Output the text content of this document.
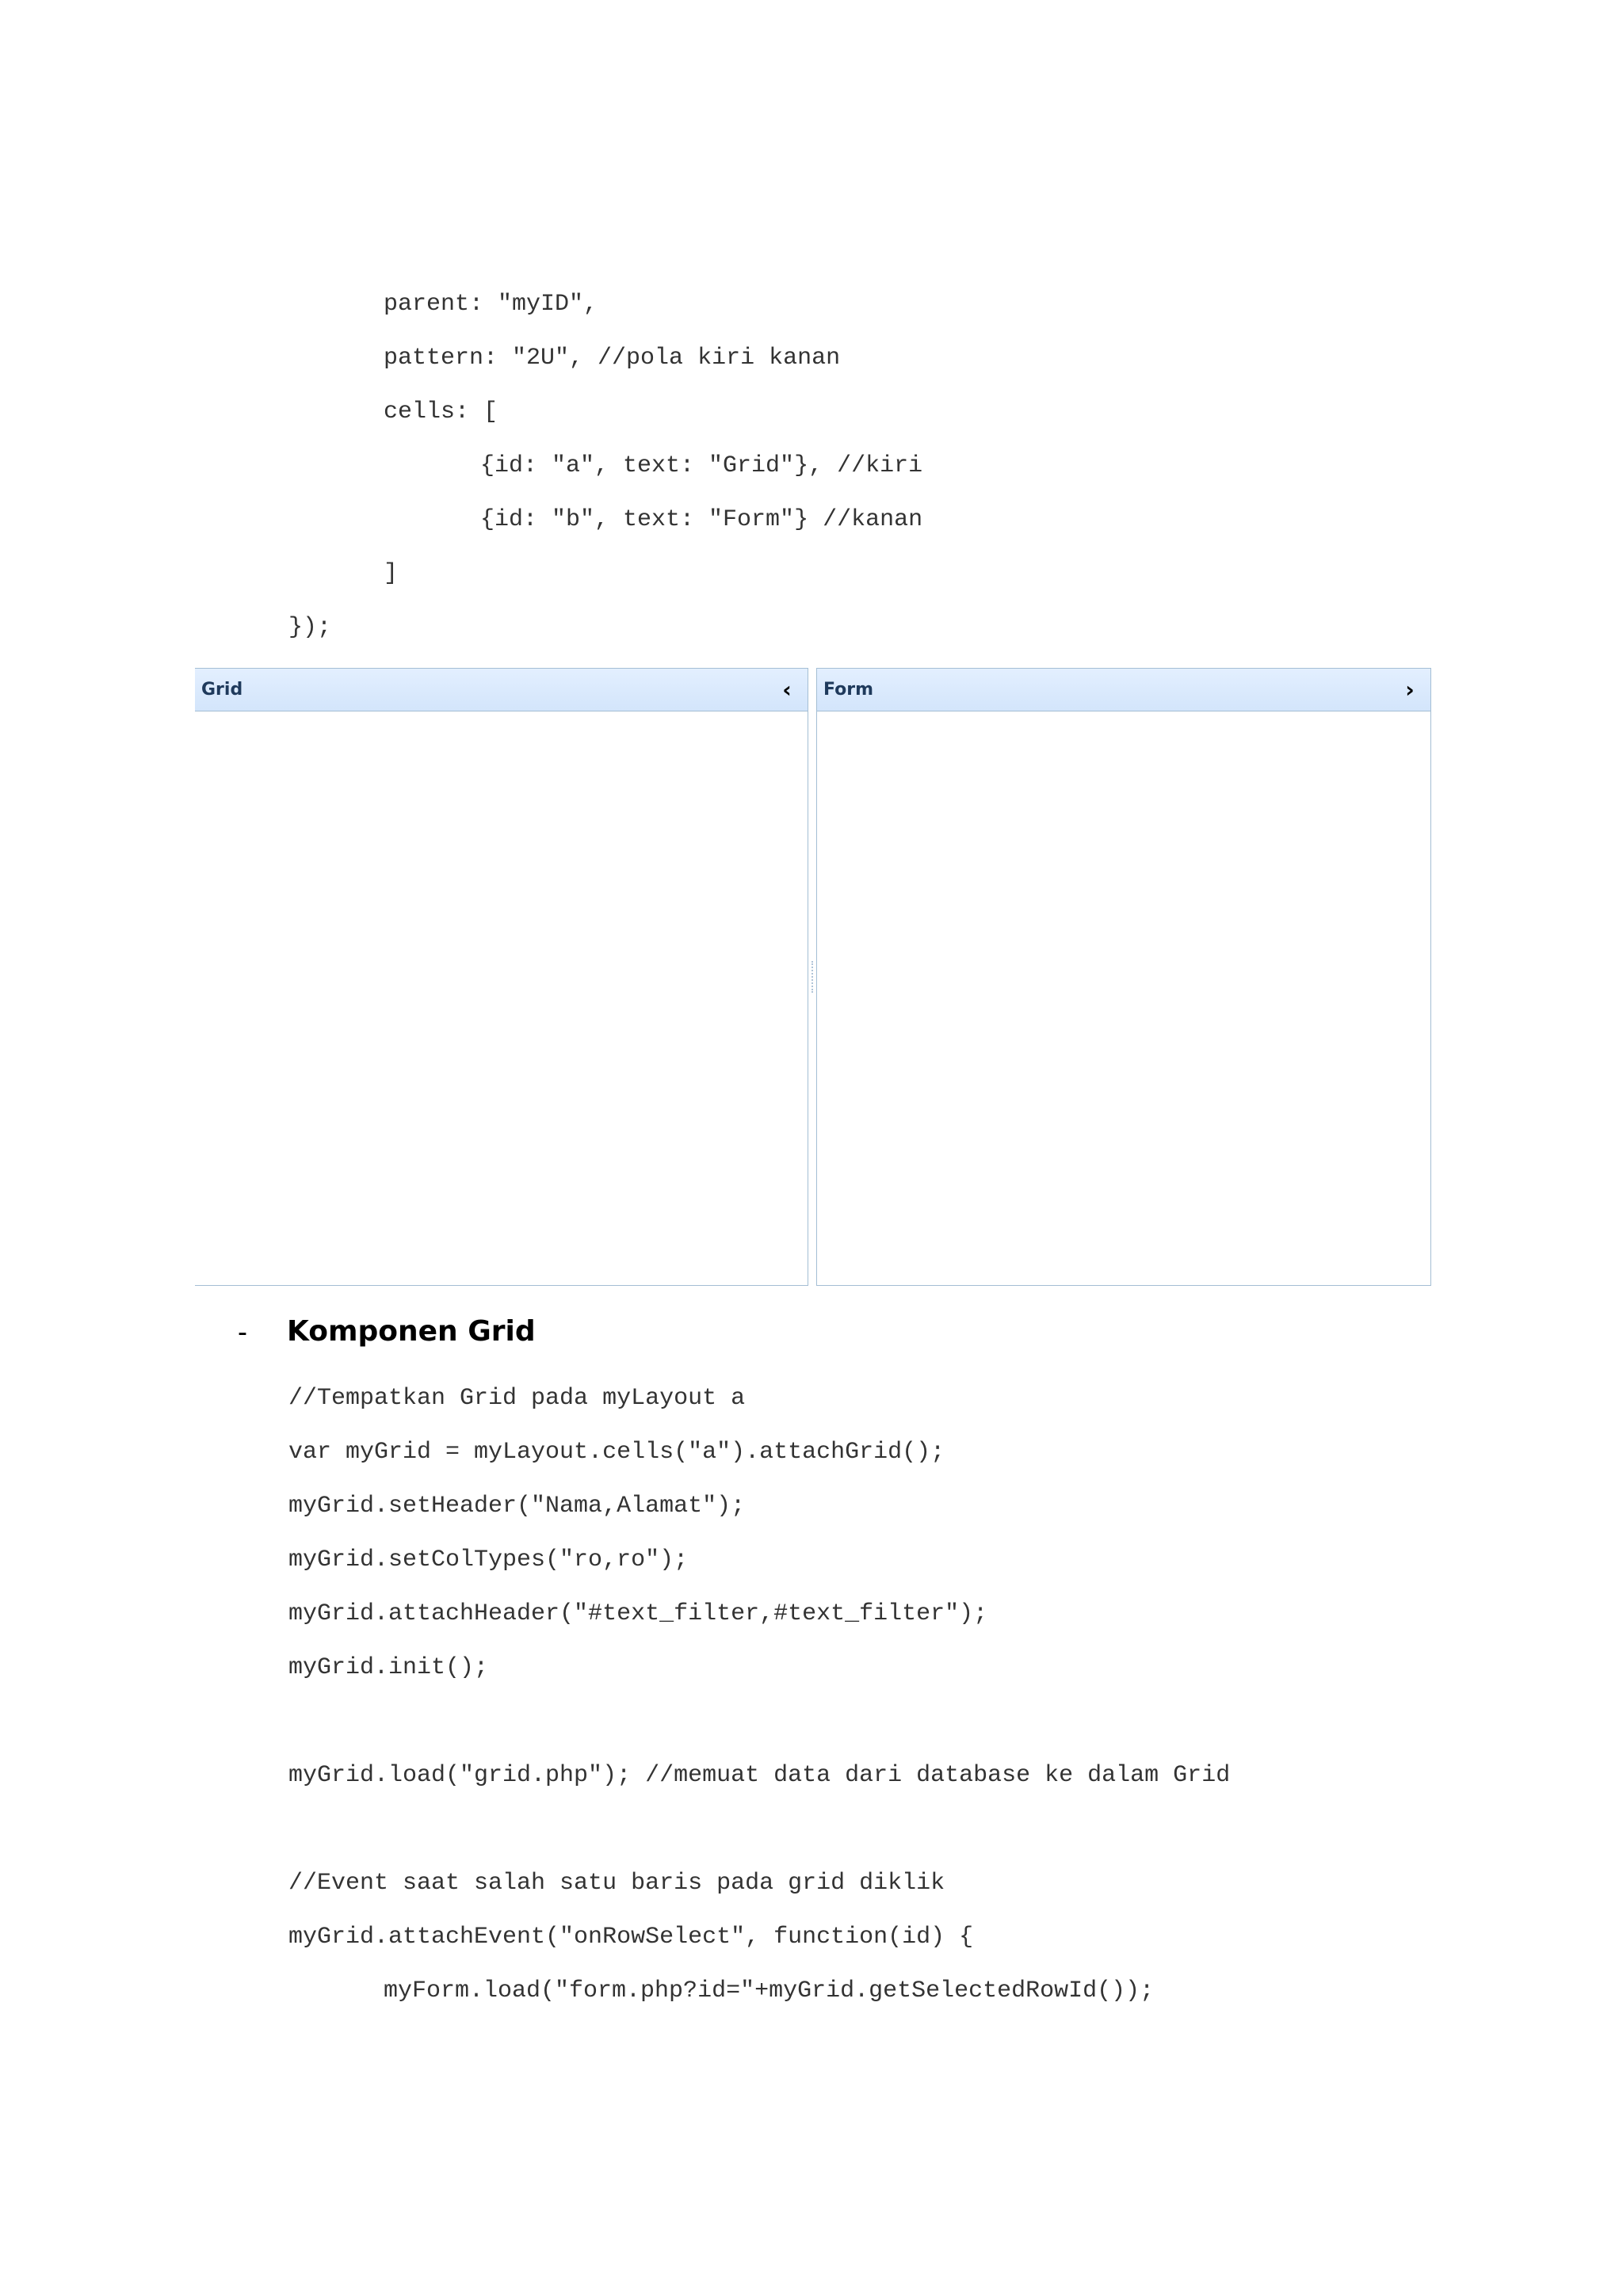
parent: "myID",
pattern: "2U", //pola kiri kanan
cells: [
{id: "a", text: "Grid"}, //kiri
{id: "b", text: "Form"} //kanan
]
});
Grid	‹	Form	›
- Komponen Grid
//Tempatkan Grid pada myLayout a
var myGrid = myLayout.cells("a").attachGrid();
myGrid.setHeader("Nama,Alamat");
myGrid.setColTypes("ro,ro");
myGrid.attachHeader("#text_filter,#text_filter");
myGrid.init();
myGrid.load("grid.php"); //memuat data dari database ke dalam Grid
//Event saat salah satu baris pada grid diklik
myGrid.attachEvent("onRowSelect", function(id) {
myForm.load("form.php?id="+myGrid.getSelectedRowId());
